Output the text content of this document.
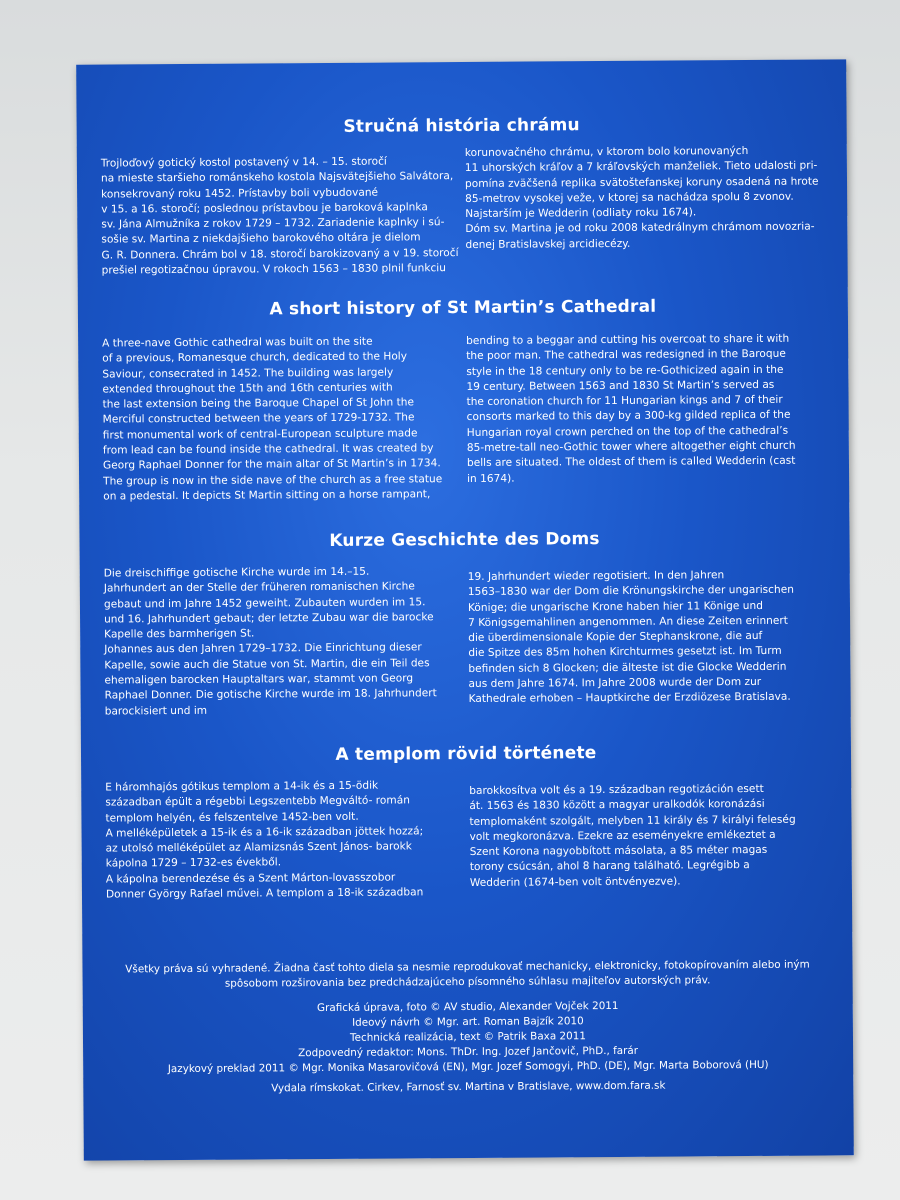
Stručná história chrámu
Trojloďový gotický kostol postavený v 14. – 15. storočí
na mieste staršieho románskeho kostola Najsvätejšieho Salvátora,
konsekrovaný roku 1452. Prístavby boli vybudované
v 15. a 16. storočí; poslednou prístavbou je baroková kaplnka
sv. Jána Almužníka z rokov 1729 – 1732. Zariadenie kaplnky i sú-
sošie sv. Martina z niekdajšieho barokového oltára je dielom
G. R. Donnera. Chrám bol v 18. storočí barokizovaný a v 19. storočí
prešiel regotizačnou úpravou. V rokoch 1563 – 1830 plnil funkciu
korunovačného chrámu, v ktorom bolo korunovaných
11 uhorských kráľov a 7 kráľovských manželiek. Tieto udalosti pri-
pomína zväčšená replika svätoštefanskej koruny osadená na hrote
85-metrov vysokej veže, v ktorej sa nachádza spolu 8 zvonov.
Najstarším je Wedderin (odliaty roku 1674).
Dóm sv. Martina je od roku 2008 katedrálnym chrámom novozria-
denej Bratislavskej arcidiecézy.
A short history of St Martin’s Cathedral
A three-nave Gothic cathedral was built on the site
of a previous, Romanesque church, dedicated to the Holy
Saviour, consecrated in 1452. The building was largely
extended throughout the 15th and 16th centuries with
the last extension being the Baroque Chapel of St John the
Merciful constructed between the years of 1729-1732. The
first monumental work of central-European sculpture made
from lead can be found inside the cathedral. It was created by
Georg Raphael Donner for the main altar of St Martin’s in 1734.
The group is now in the side nave of the church as a free statue
on a pedestal. It depicts St Martin sitting on a horse rampant,
bending to a beggar and cutting his overcoat to share it with
the poor man. The cathedral was redesigned in the Baroque
style in the 18 century only to be re-Gothicized again in the
19 century. Between 1563 and 1830 St Martin’s served as
the coronation church for 11 Hungarian kings and 7 of their
consorts marked to this day by a 300-kg gilded replica of the
Hungarian royal crown perched on the top of the cathedral’s
85-metre-tall neo-Gothic tower where altogether eight church
bells are situated. The oldest of them is called Wedderin (cast
in 1674).
Kurze Geschichte des Doms
Die dreischiffige gotische Kirche wurde im 14.–15.
Jahrhundert an der Stelle der früheren romanischen Kirche
gebaut und im Jahre 1452 geweiht. Zubauten wurden im 15.
und 16. Jahrhundert gebaut; der letzte Zubau war die barocke
Kapelle des barmherigen St.
Johannes aus den Jahren 1729–1732. Die Einrichtung dieser
Kapelle, sowie auch die Statue von St. Martin, die ein Teil des
ehemaligen barocken Hauptaltars war, stammt von Georg
Raphael Donner. Die gotische Kirche wurde im 18. Jahrhundert
barockisiert und im
19. Jahrhundert wieder regotisiert. In den Jahren
1563–1830 war der Dom die Krönungskirche der ungarischen
Könige; die ungarische Krone haben hier 11 Könige und
7 Königsgemahlinen angenommen. An diese Zeiten erinnert
die überdimensionale Kopie der Stephanskrone, die auf
die Spitze des 85m hohen Kirchturmes gesetzt ist. Im Turm
befinden sich 8 Glocken; die älteste ist die Glocke Wedderin
aus dem Jahre 1674. Im Jahre 2008 wurde der Dom zur
Kathedrale erhoben – Hauptkirche der Erzdiözese Bratislava.
A templom rövid története
E háromhajós gótikus templom a 14-ik és a 15-ödik
században épült a régebbi Legszentebb Megváltó- román
templom helyén, és felszentelve 1452-ben volt.
A melléképületek a 15-ik és a 16-ik században jöttek hozzá;
az utolsó melléképület az Alamizsnás Szent János- barokk
kápolna 1729 – 1732-es évekből.
A kápolna berendezése és a Szent Márton-lovasszobor
Donner György Rafael művei. A templom a 18-ik században
barokkosítva volt és a 19. században regotizáción esett
át. 1563 és 1830 között a magyar uralkodók koronázási
templomaként szolgált, melyben 11 király és 7 királyi feleség
volt megkoronázva. Ezekre az eseményekre emlékeztet a
Szent Korona nagyobbított másolata, a 85 méter magas
torony csúcsán, ahol 8 harang található. Legrégibb a
Wedderin (1674-ben volt öntvényezve).
Všetky práva sú vyhradené. Žiadna časť tohto diela sa nesmie reprodukovať mechanicky, elektronicky, fotokopírovaním alebo iným
spôsobom rozširovania bez predchádzajúceho písomného súhlasu majiteľov autorských práv.
Grafická úprava, foto © AV studio, Alexander Vojček 2011
Ideový návrh © Mgr. art. Roman Bajzík 2010
Technická realizácia, text © Patrik Baxa 2011
Zodpovedný redaktor: Mons. ThDr. Ing. Jozef Jančovič, PhD., farár
Jazykový preklad 2011 © Mgr. Monika Masarovičová (EN), Mgr. Jozef Somogyi, PhD. (DE), Mgr. Marta Boborová (HU)
Vydala rímskokat. Cirkev, Farnosť sv. Martina v Bratislave, www.dom.fara.sk
